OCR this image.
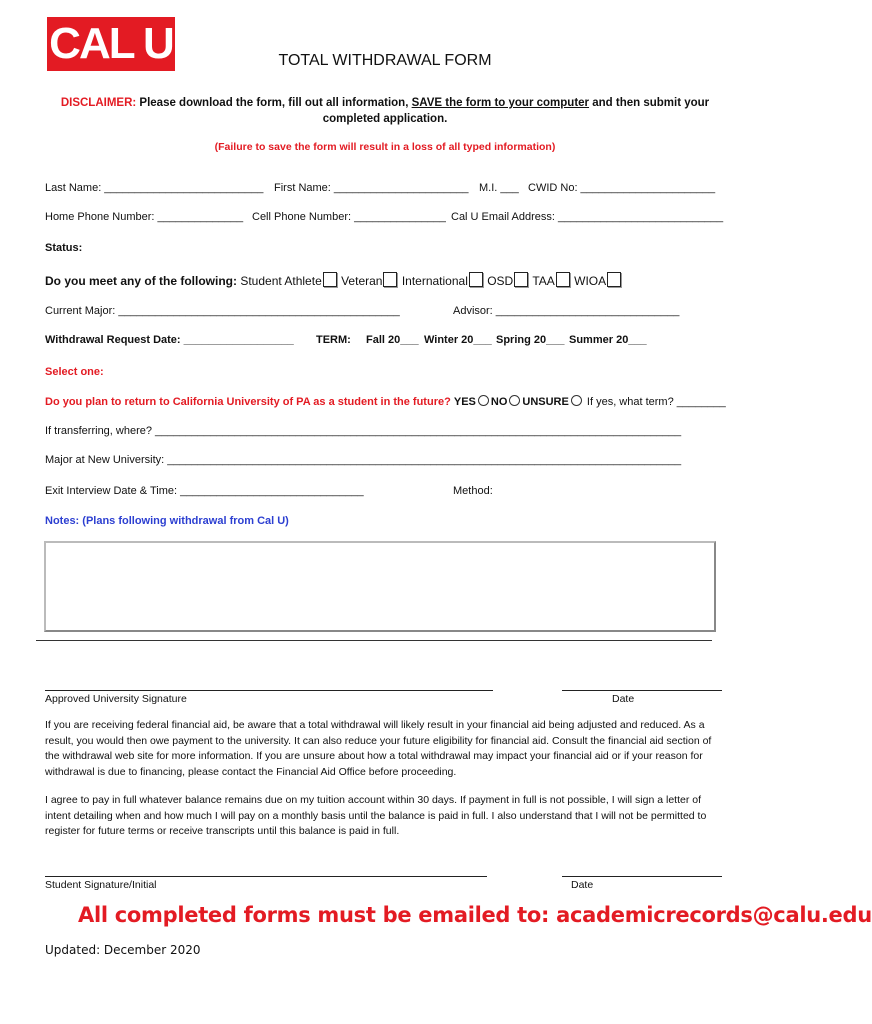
CAL U	TOTAL WITHDRAWAL FORM
DISCLAIMER: Please download the form, fill out all information, SAVE the form to your computer and then submit your completed application.
(Failure to save the form will result in a loss of all typed information)
Last Name: __________________________ First Name: ______________________ M.I. ___ CWID No: ______________________
Home Phone Number: ______________ Cell Phone Number: _______________ Cal U Email Address: ___________________________
Status:
Do you meet any of the following: Student Athlete Veteran International OSD TAA WIOA
Current Major: ______________________________________________	Advisor: ______________________________
Withdrawal Request Date: __________________ TERM: Fall 20___ Winter 20___ Spring 20___ Summer 20___
Select one:
Do you plan to return to California University of PA as a student in the future? YES NO UNSURE If yes, what term? ________
If transferring, where? ______________________________________________________________________________________
Major at New University: ____________________________________________________________________________________
Exit Interview Date & Time: ______________________________	Method:
Notes: (Plans following withdrawal from Cal U)
Approved University Signature	Date
If you are receiving federal financial aid, be aware that a total withdrawal will likely result in your financial aid being adjusted and reduced. As a result, you would then owe payment to the university. It can also reduce your future eligibility for financial aid. Consult the financial aid section of the withdrawal web site for more information. If you are unsure about how a total withdrawal may impact your financial aid or if your reason for withdrawal is due to financing, please contact the Financial Aid Office before proceeding.
I agree to pay in full whatever balance remains due on my tuition account within 30 days. If payment in full is not possible, I will sign a letter of intent detailing when and how much I will pay on a monthly basis until the balance is paid in full. I also understand that I will not be permitted to register for future terms or receive transcripts until this balance is paid in full.
Student Signature/Initial	Date
All completed forms must be emailed to: academicrecords@calu.edu
Updated: December 2020
